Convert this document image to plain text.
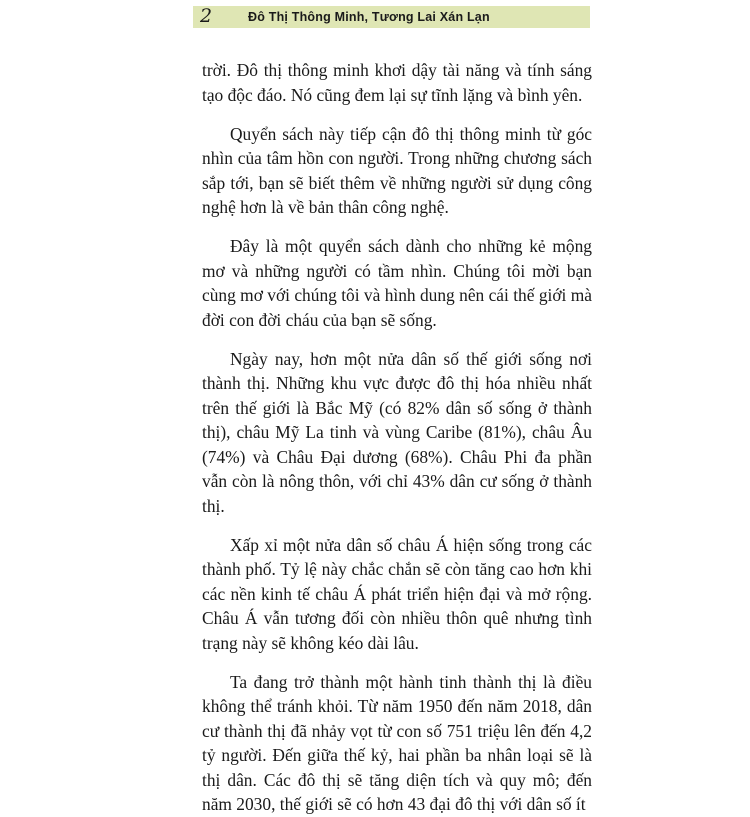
2	Đô Thị Thông Minh, Tương Lai Xán Lạn

trời. Đô thị thông minh khơi dậy tài năng và tính sáng tạo độc đáo. Nó cũng đem lại sự tĩnh lặng và bình yên.

Quyển sách này tiếp cận đô thị thông minh từ góc nhìn của tâm hồn con người. Trong những chương sách sắp tới, bạn sẽ biết thêm về những người sử dụng công nghệ hơn là về bản thân công nghệ.

Đây là một quyển sách dành cho những kẻ mộng mơ và những người có tầm nhìn. Chúng tôi mời bạn cùng mơ với chúng tôi và hình dung nên cái thế giới mà đời con đời cháu của bạn sẽ sống.

Ngày nay, hơn một nửa dân số thế giới sống nơi thành thị. Những khu vực được đô thị hóa nhiều nhất trên thế giới là Bắc Mỹ (có 82% dân số sống ở thành thị), châu Mỹ La tinh và vùng Caribe (81%), châu Âu (74%) và Châu Đại dương (68%). Châu Phi đa phần vẫn còn là nông thôn, với chỉ 43% dân cư sống ở thành thị.

Xấp xỉ một nửa dân số châu Á hiện sống trong các thành phố. Tỷ lệ này chắc chắn sẽ còn tăng cao hơn khi các nền kinh tế châu Á phát triển hiện đại và mở rộng. Châu Á vẫn tương đối còn nhiều thôn quê nhưng tình trạng này sẽ không kéo dài lâu.

Ta đang trở thành một hành tinh thành thị là điều không thể tránh khỏi. Từ năm 1950 đến năm 2018, dân cư thành thị đã nhảy vọt từ con số 751 triệu lên đến 4,2 tỷ người. Đến giữa thế kỷ, hai phần ba nhân loại sẽ là thị dân. Các đô thị sẽ tăng diện tích và quy mô; đến năm 2030, thế giới sẽ có hơn 43 đại đô thị với dân số ít
